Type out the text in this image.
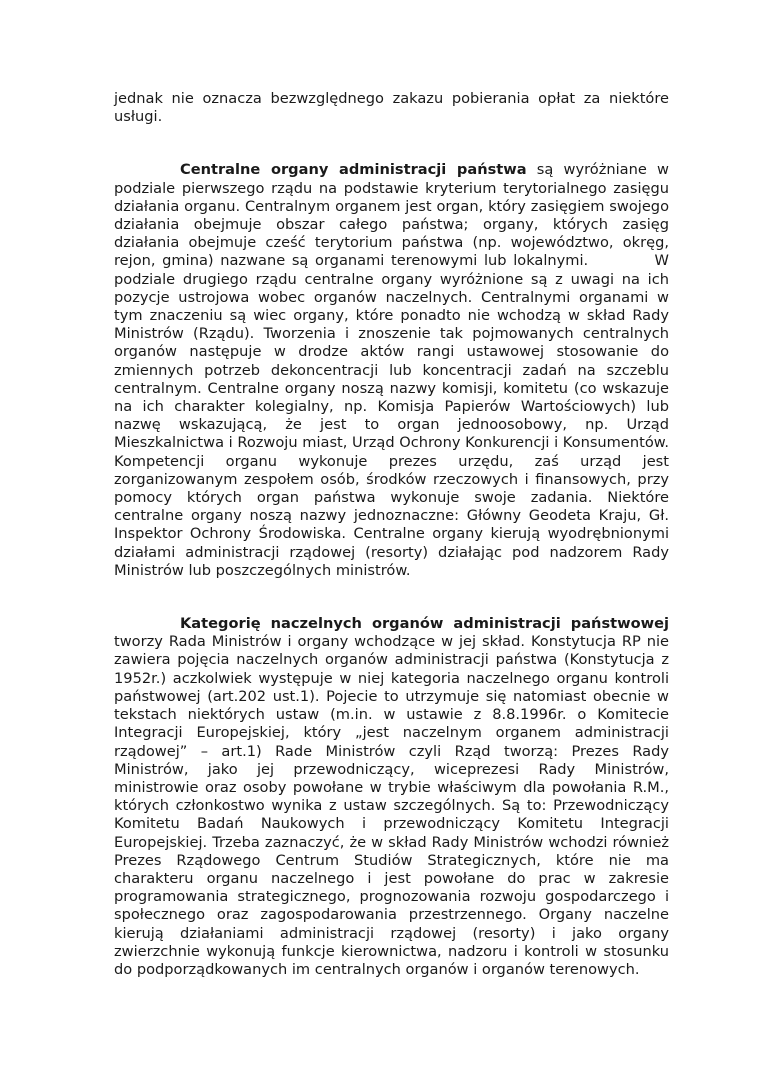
jednak nie oznacza bezwzględnego zakazu pobierania opłat za niektóre usługi.

Centralne organy administracji państwa są wyróżniane w podziale pierwszego rządu na podstawie kryterium terytorialnego zasięgu działania organu. Centralnym organem jest organ, który zasięgiem swojego działania obejmuje obszar całego państwa; organy, których zasięg działania obejmuje cześć terytorium państwa (np. województwo, okręg, rejon, gmina) nazwane są organami terenowymi lub lokalnymi.          W podziale drugiego rządu centralne organy wyróżnione są z uwagi na ich pozycje ustrojowa wobec organów naczelnych. Centralnymi organami w tym znaczeniu są wiec organy, które ponadto nie wchodzą w skład Rady Ministrów (Rządu). Tworzenia i znoszenie tak pojmowanych centralnych organów następuje w drodze aktów rangi ustawowej stosowanie do zmiennych potrzeb dekoncentracji lub koncentracji zadań na szczeblu centralnym. Centralne organy noszą nazwy komisji, komitetu (co wskazuje na ich charakter kolegialny, np. Komisja Papierów Wartościowych) lub nazwę wskazującą, że jest to organ jednoosobowy, np. Urząd Mieszkalnictwa i Rozwoju miast, Urząd Ochrony Konkurencji i Konsumentów. Kompetencji organu wykonuje prezes urzędu, zaś urząd jest zorganizowanym zespołem osób, środków rzeczowych i finansowych, przy pomocy których organ państwa wykonuje swoje zadania. Niektóre centralne organy noszą nazwy jednoznaczne: Główny Geodeta Kraju, Gł. Inspektor Ochrony Środowiska. Centralne organy kierują wyodrębnionymi działami administracji rządowej (resorty) działając pod nadzorem Rady Ministrów lub poszczególnych ministrów.

Kategorię naczelnych organów administracji państwowej tworzy Rada Ministrów i organy wchodzące w jej skład. Konstytucja RP nie zawiera pojęcia naczelnych organów administracji państwa (Konstytucja z 1952r.) aczkolwiek występuje w niej kategoria naczelnego organu kontroli państwowej (art.202 ust.1). Pojecie to utrzymuje się natomiast obecnie w tekstach niektórych ustaw (m.in. w ustawie z 8.8.1996r. o Komitecie Integracji Europejskiej, który „jest naczelnym organem administracji rządowej” – art.1) Rade Ministrów czyli Rząd tworzą: Prezes Rady Ministrów, jako jej przewodniczący, wiceprezesi Rady Ministrów, ministrowie oraz osoby powołane w trybie właściwym dla powołania R.M., których członkostwo wynika z ustaw szczególnych. Są to: Przewodniczący Komitetu Badań Naukowych i przewodniczący Komitetu Integracji Europejskiej. Trzeba zaznaczyć, że w skład Rady Ministrów wchodzi również Prezes Rządowego Centrum Studiów Strategicznych, które nie ma charakteru organu naczelnego i jest powołane do prac w zakresie programowania strategicznego, prognozowania rozwoju gospodarczego i społecznego oraz zagospodarowania przestrzennego. Organy naczelne kierują działaniami administracji rządowej (resorty) i jako organy zwierzchnie wykonują funkcje kierownictwa, nadzoru i kontroli w stosunku do podporządkowanych im centralnych organów i organów terenowych.
